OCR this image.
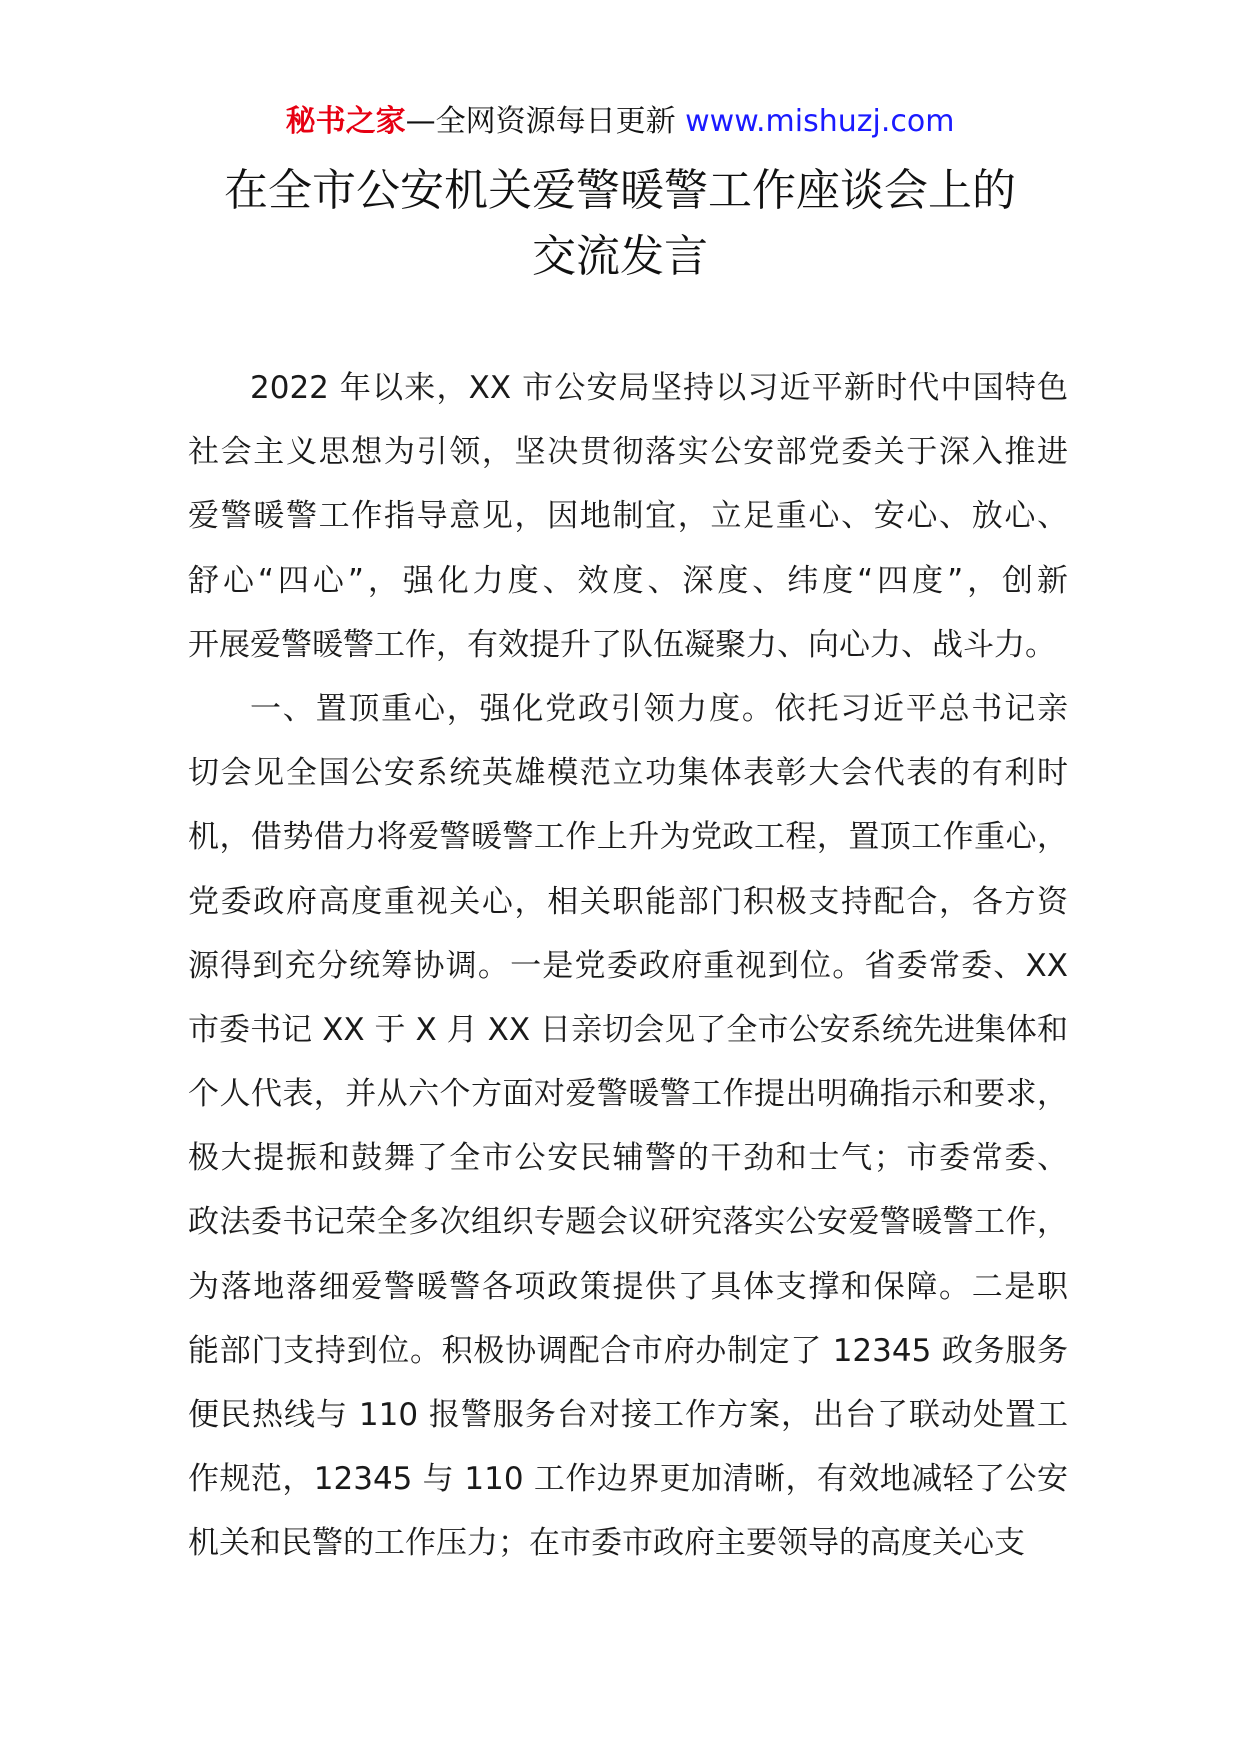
秘书之家—全网资源每日更新 www.mishuzj.com
在全市公安机关爱警暖警工作座谈会上的
交流发言
2022 年以来，XX 市公安局坚持以习近平新时代中国特色
社会主义思想为引领，坚决贯彻落实公安部党委关于深入推进
爱警暖警工作指导意见，因地制宜，立足重心、安心、放心、
舒心“四心”，强化力度、效度、深度、纬度“四度”，创新
开展爱警暖警工作，有效提升了队伍凝聚力、向心力、战斗力。
一、置顶重心，强化党政引领力度。依托习近平总书记亲
切会见全国公安系统英雄模范立功集体表彰大会代表的有利时
机，借势借力将爱警暖警工作上升为党政工程，置顶工作重心，
党委政府高度重视关心，相关职能部门积极支持配合，各方资
源得到充分统筹协调。一是党委政府重视到位。省委常委、XX
市委书记 XX 于 X 月 XX 日亲切会见了全市公安系统先进集体和
个人代表，并从六个方面对爱警暖警工作提出明确指示和要求，
极大提振和鼓舞了全市公安民辅警的干劲和士气；市委常委、
政法委书记荣全多次组织专题会议研究落实公安爱警暖警工作，
为落地落细爱警暖警各项政策提供了具体支撑和保障。二是职
能部门支持到位。积极协调配合市府办制定了 12345 政务服务
便民热线与 110 报警服务台对接工作方案，出台了联动处置工
作规范，12345 与 110 工作边界更加清晰，有效地减轻了公安
机关和民警的工作压力；在市委市政府主要领导的高度关心支
